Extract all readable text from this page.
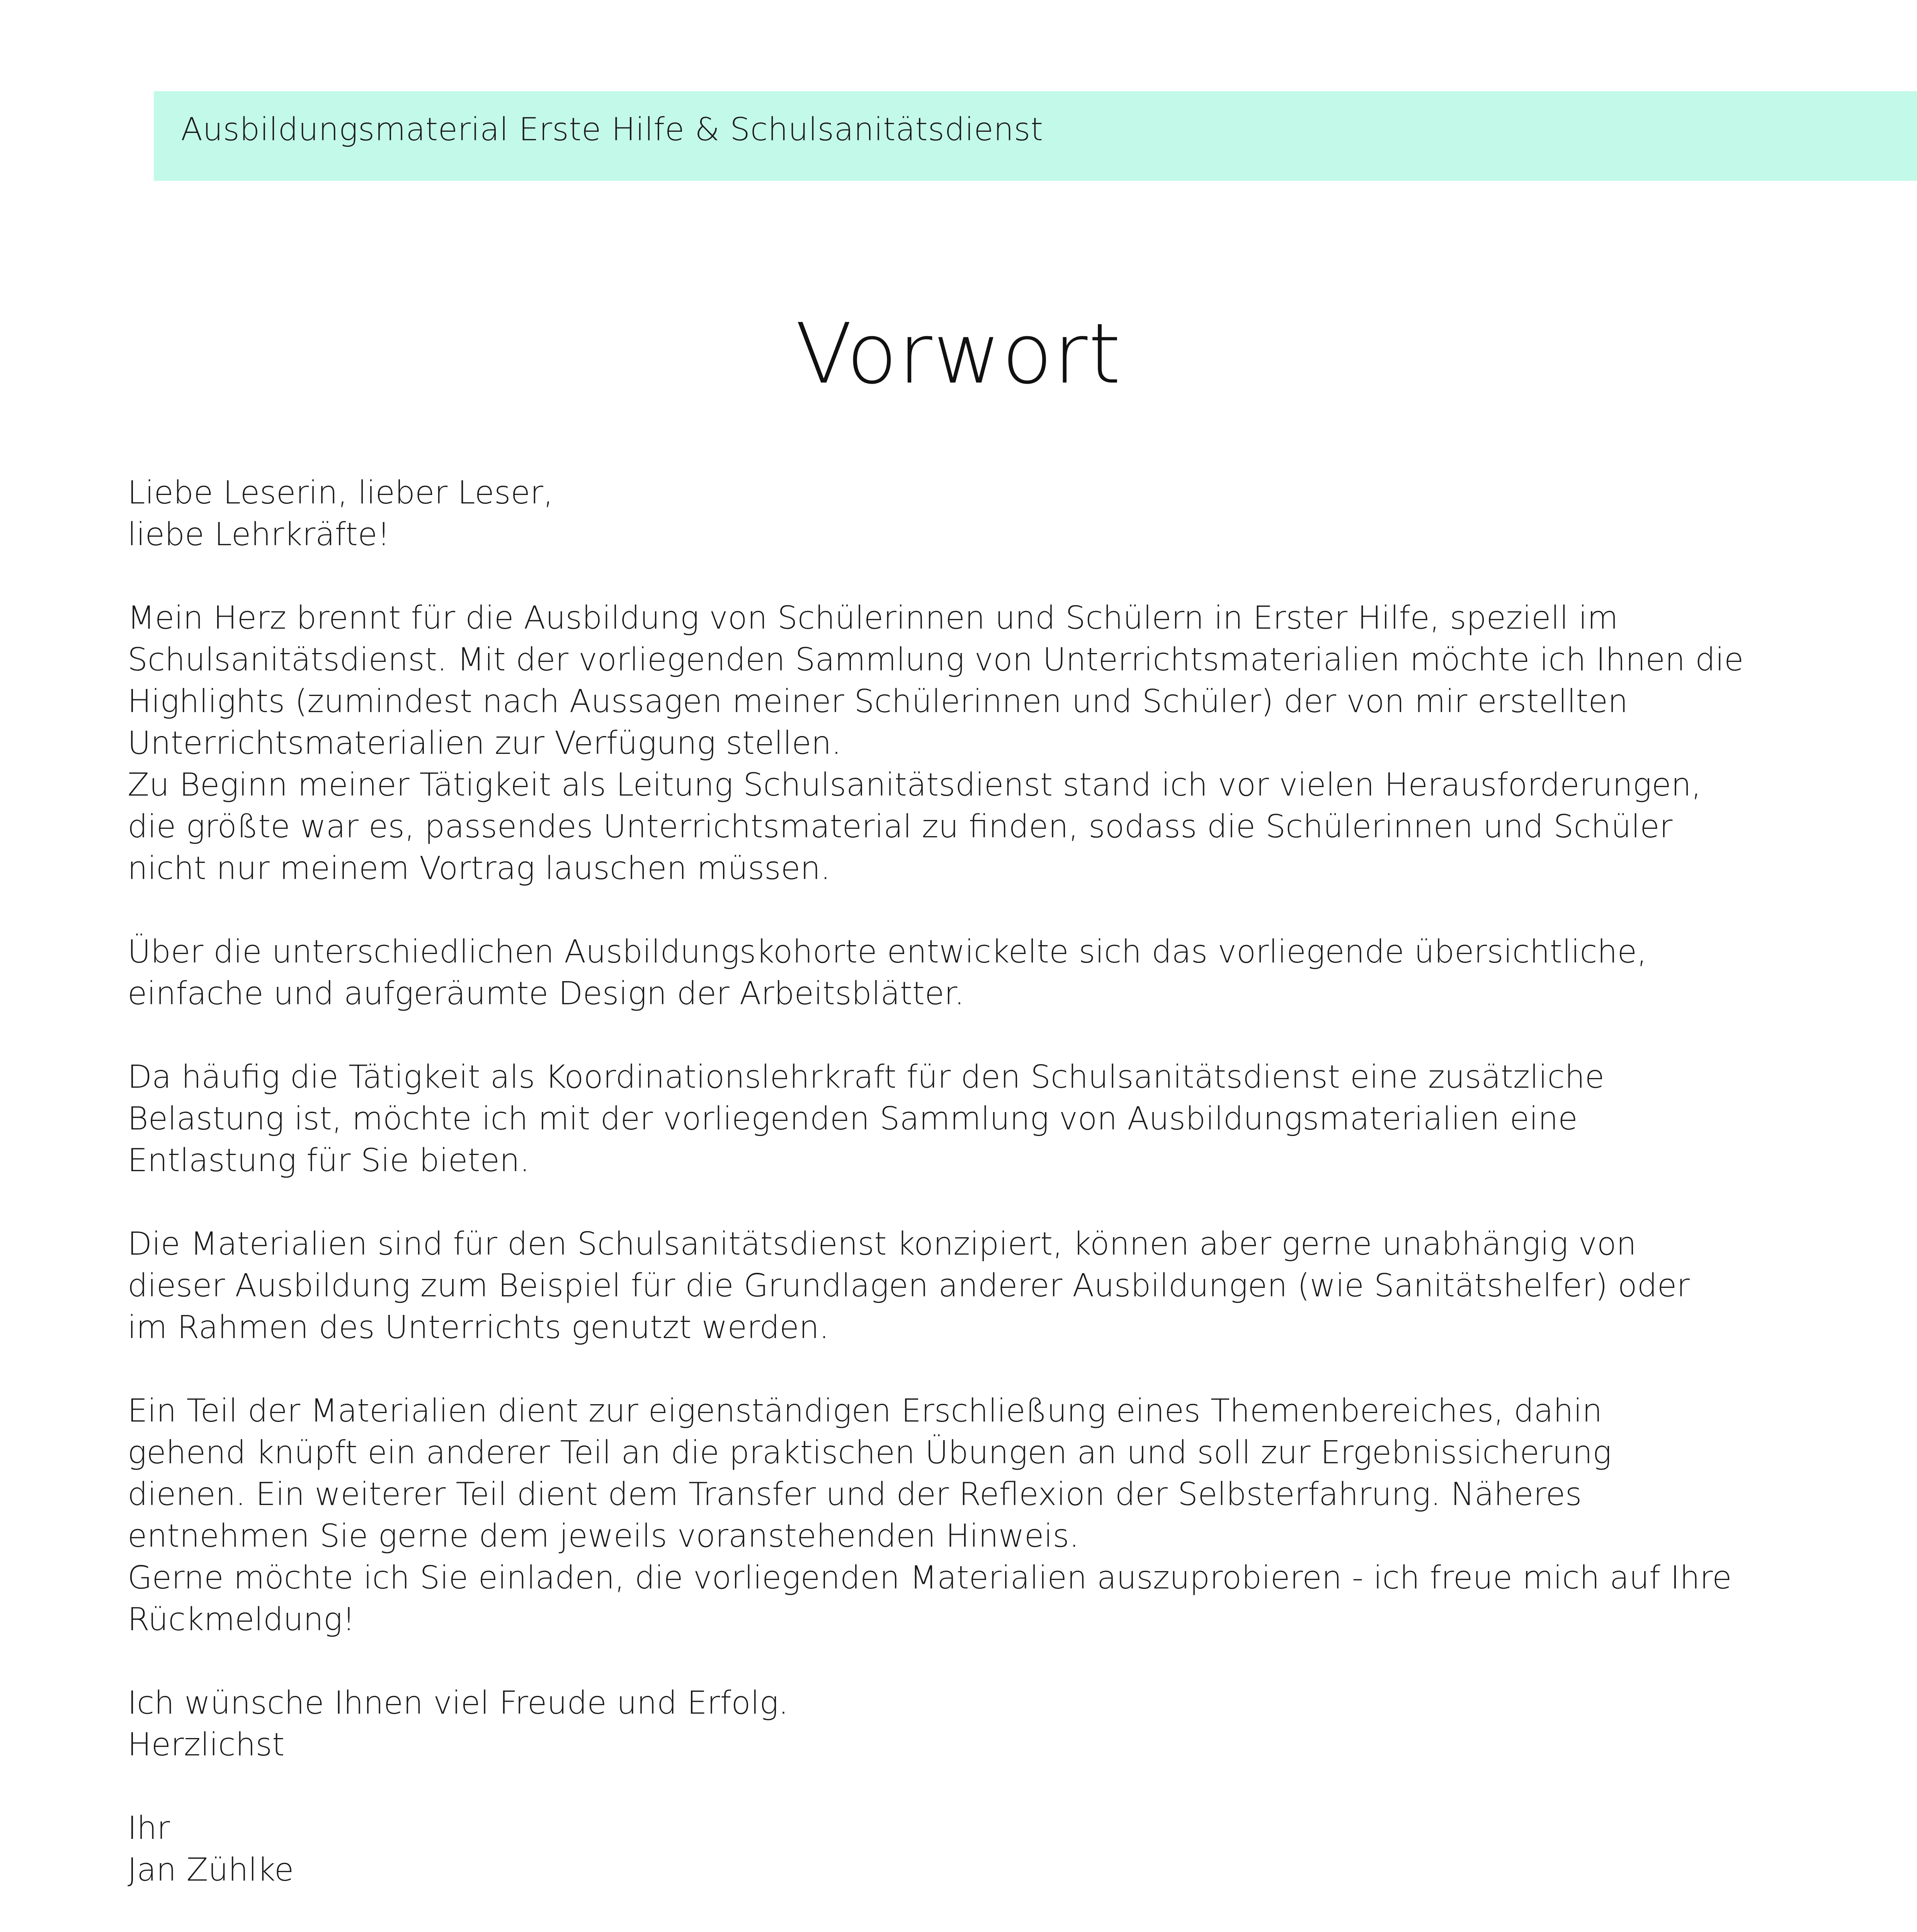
Ausbildungsmaterial Erste Hilfe & Schulsanitätsdienst
Vorwort

Liebe Leserin, lieber Leser,
liebe Lehrkräfte!

Mein Herz brennt für die Ausbildung von Schülerinnen und Schülern in Erster Hilfe, speziell im
Schulsanitätsdienst. Mit der vorliegenden Sammlung von Unterrichtsmaterialien möchte ich Ihnen die
Highlights (zumindest nach Aussagen meiner Schülerinnen und Schüler) der von mir erstellten
Unterrichtsmaterialien zur Verfügung stellen.
Zu Beginn meiner Tätigkeit als Leitung Schulsanitätsdienst stand ich vor vielen Herausforderungen,
die größte war es, passendes Unterrichtsmaterial zu finden, sodass die Schülerinnen und Schüler
nicht nur meinem Vortrag lauschen müssen.

Über die unterschiedlichen Ausbildungskohorte entwickelte sich das vorliegende übersichtliche,
einfache und aufgeräumte Design der Arbeitsblätter.

Da häufig die Tätigkeit als Koordinationslehrkraft für den Schulsanitätsdienst eine zusätzliche
Belastung ist, möchte ich mit der vorliegenden Sammlung von Ausbildungsmaterialien eine
Entlastung für Sie bieten.

Die Materialien sind für den Schulsanitätsdienst konzipiert, können aber gerne unabhängig von
dieser Ausbildung zum Beispiel für die Grundlagen anderer Ausbildungen (wie Sanitätshelfer) oder
im Rahmen des Unterrichts genutzt werden.

Ein Teil der Materialien dient zur eigenständigen Erschließung eines Themenbereiches, dahin
gehend knüpft ein anderer Teil an die praktischen Übungen an und soll zur Ergebnissicherung
dienen. Ein weiterer Teil dient dem Transfer und der Reflexion der Selbsterfahrung. Näheres
entnehmen Sie gerne dem jeweils voranstehenden Hinweis.
Gerne möchte ich Sie einladen, die vorliegenden Materialien auszuprobieren - ich freue mich auf Ihre
Rückmeldung!

Ich wünsche Ihnen viel Freude und Erfolg.
Herzlichst

Ihr
Jan Zühlke
